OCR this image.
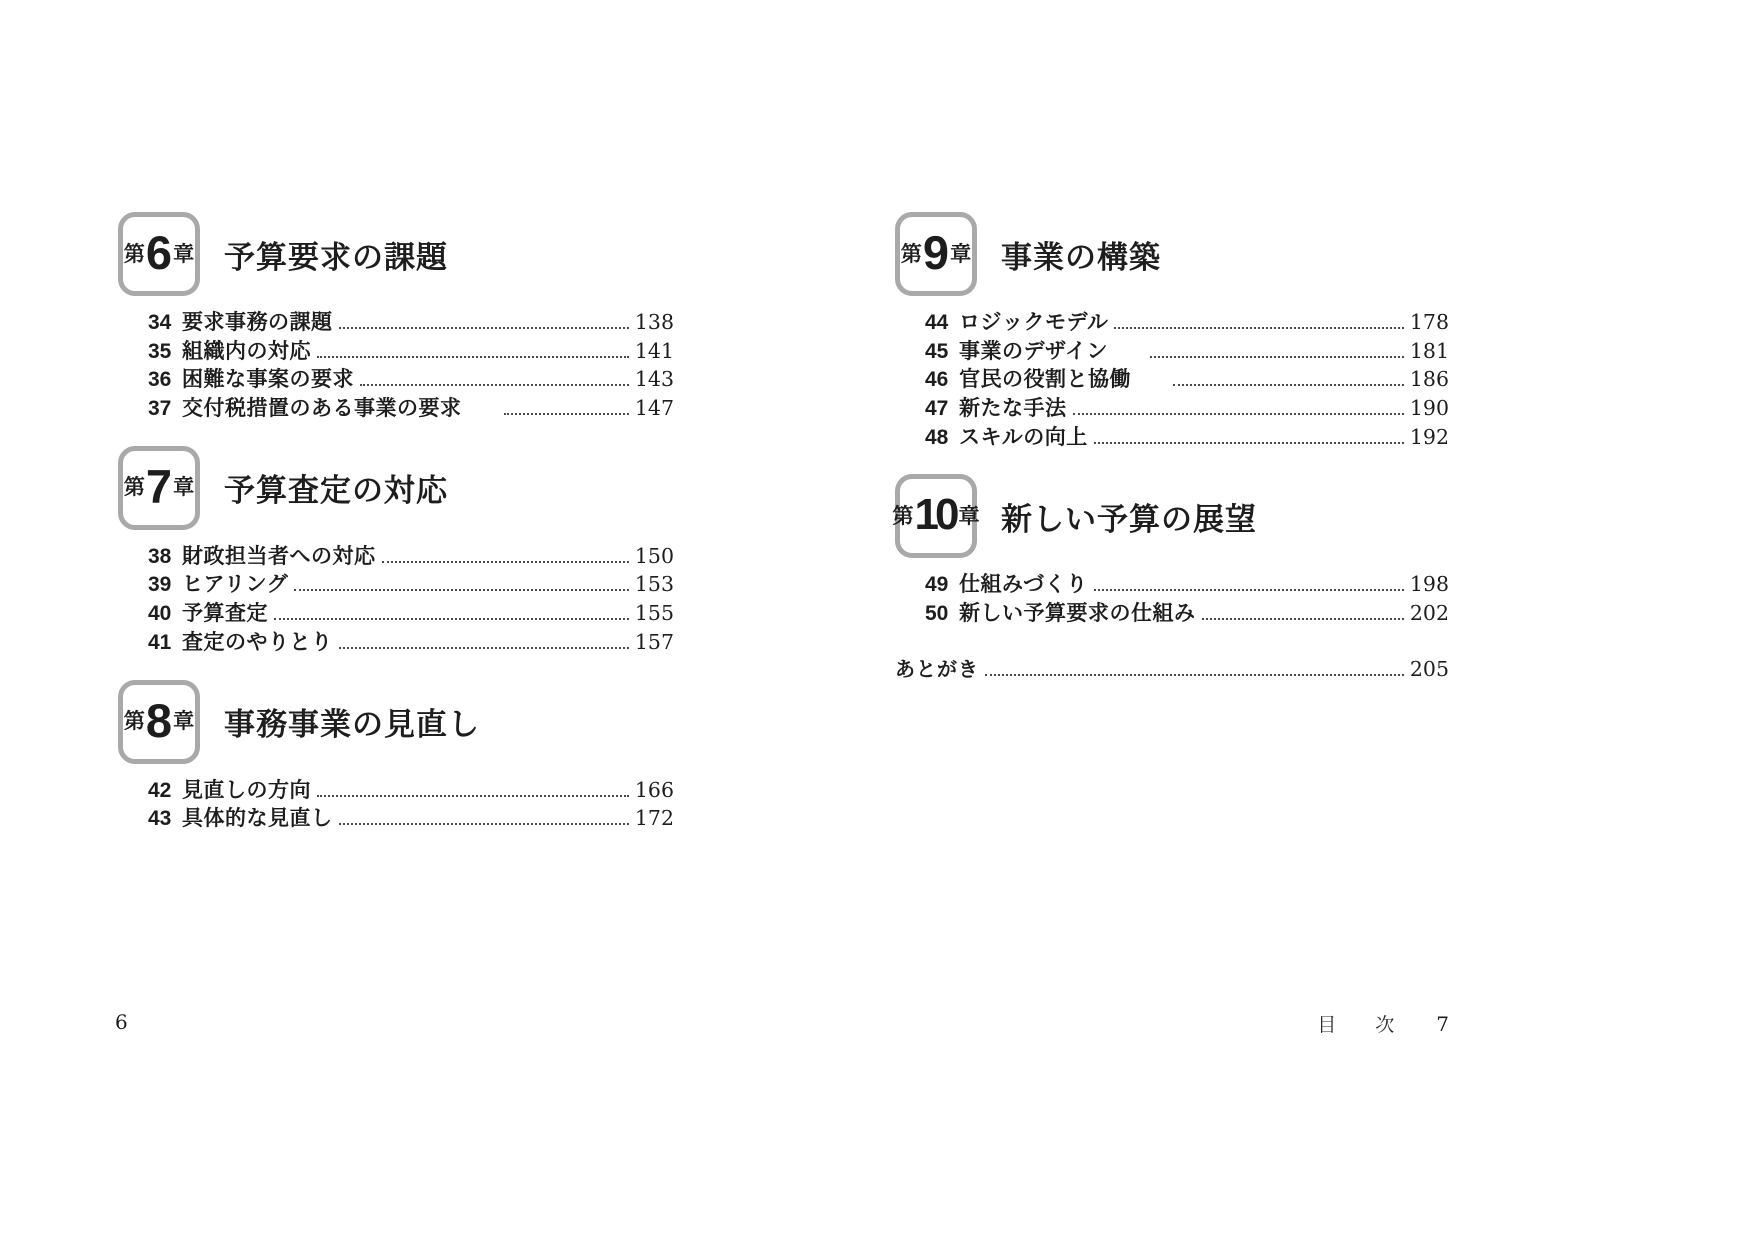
第 6 章 予算要求の課題
34 要求事務の課題	138
35 組織内の対応	141
36 困難な事案の要求	143
37 交付税措置のある事業の要求	147
第 7 章 予算査定の対応
38 財政担当者への対応	150
39 ヒアリング	153
40 予算査定	155
41 査定のやりとり	157
第 8 章 事務事業の見直し
42 見直しの方向	166
43 具体的な見直し	172
第 9 章 事業の構築
44 ロジックモデル	178
45 事業のデザイン	181
46 官民の役割と協働	186
47 新たな手法	190
48 スキルの向上	192
第 10 章 新しい予算の展望
49 仕組みづくり	198
50 新しい予算要求の仕組み	202
あとがき	205
6	目　次 7
